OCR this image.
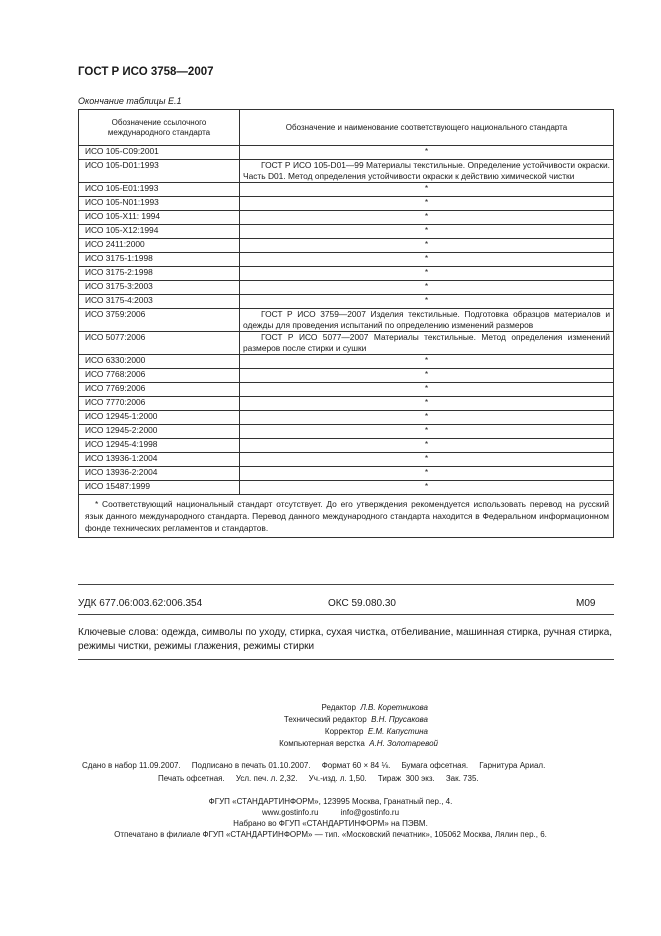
ГОСТ Р ИСО 3758—2007
Окончание таблицы Е.1
Обозначение ссылочного международного стандарта	Обозначение и наименование соответствующего национального стандарта
ИСО 105-C09:2001	*
ИСО 105-D01:1993	ГОСТ Р ИСО 105-D01—99 Материалы текстильные. Определение устойчивости окраски. Часть D01. Метод определения устойчивости окраски к действию химической чистки
ИСО 105-E01:1993	*
ИСО 105-N01:1993	*
ИСО 105-X11: 1994	*
ИСО 105-X12:1994	*
ИСО 2411:2000	*
ИСО 3175-1:1998	*
ИСО 3175-2:1998	*
ИСО 3175-3:2003	*
ИСО 3175-4:2003	*
ИСО 3759:2006	ГОСТ Р ИСО 3759—2007 Изделия текстильные. Подготовка образцов материалов и одежды для проведения испытаний по определению изменений размеров
ИСО 5077:2006	ГОСТ Р ИСО 5077—2007 Материалы текстильные. Метод определения изменений размеров после стирки и сушки
ИСО 6330:2000	*
ИСО 7768:2006	*
ИСО 7769:2006	*
ИСО 7770:2006	*
ИСО 12945-1:2000	*
ИСО 12945-2:2000	*
ИСО 12945-4:1998	*
ИСО 13936-1:2004	*
ИСО 13936-2:2004	*
ИСО 15487:1999	*
* Соответствующий национальный стандарт отсутствует. До его утверждения рекомендуется использовать перевод на русский язык данного международного стандарта. Перевод данного международного стандарта находится в Федеральном информационном фонде технических регламентов и стандартов.	
УДК 677.06:003.62:006.354	ОКС 59.080.30	М09
Ключевые слова: одежда, символы по уходу, стирка, сухая чистка, отбеливание, машинная стирка, ручная стирка, режимы чистки, режимы глажения, режимы стирки
Редактор Л.В. Коретникова
Технический редактор В.Н. Прусакова
Корректор Е.М. Капустина
Компьютерная верстка А.Н. Золотаревой
Сдано в набор 11.09.2007.     Подписано в печать 01.10.2007.     Формат 60 × 84 ⅛.     Бумага офсетная.     Гарнитура Ариал.
Печать офсетная.     Усл. печ. л. 2,32.     Уч.-изд. л. 1,50.     Тираж  300 экз.     Зак. 735.
ФГУП «СТАНДАРТИНФОРМ», 123995 Москва, Гранатный пер., 4.
www.gostinfo.ru          info@gostinfo.ru
Набрано во ФГУП «СТАНДАРТИНФОРМ» на ПЭВМ.
Отпечатано в филиале ФГУП «СТАНДАРТИНФОРМ» — тип. «Московский печатник», 105062 Москва, Лялин пер., 6.
